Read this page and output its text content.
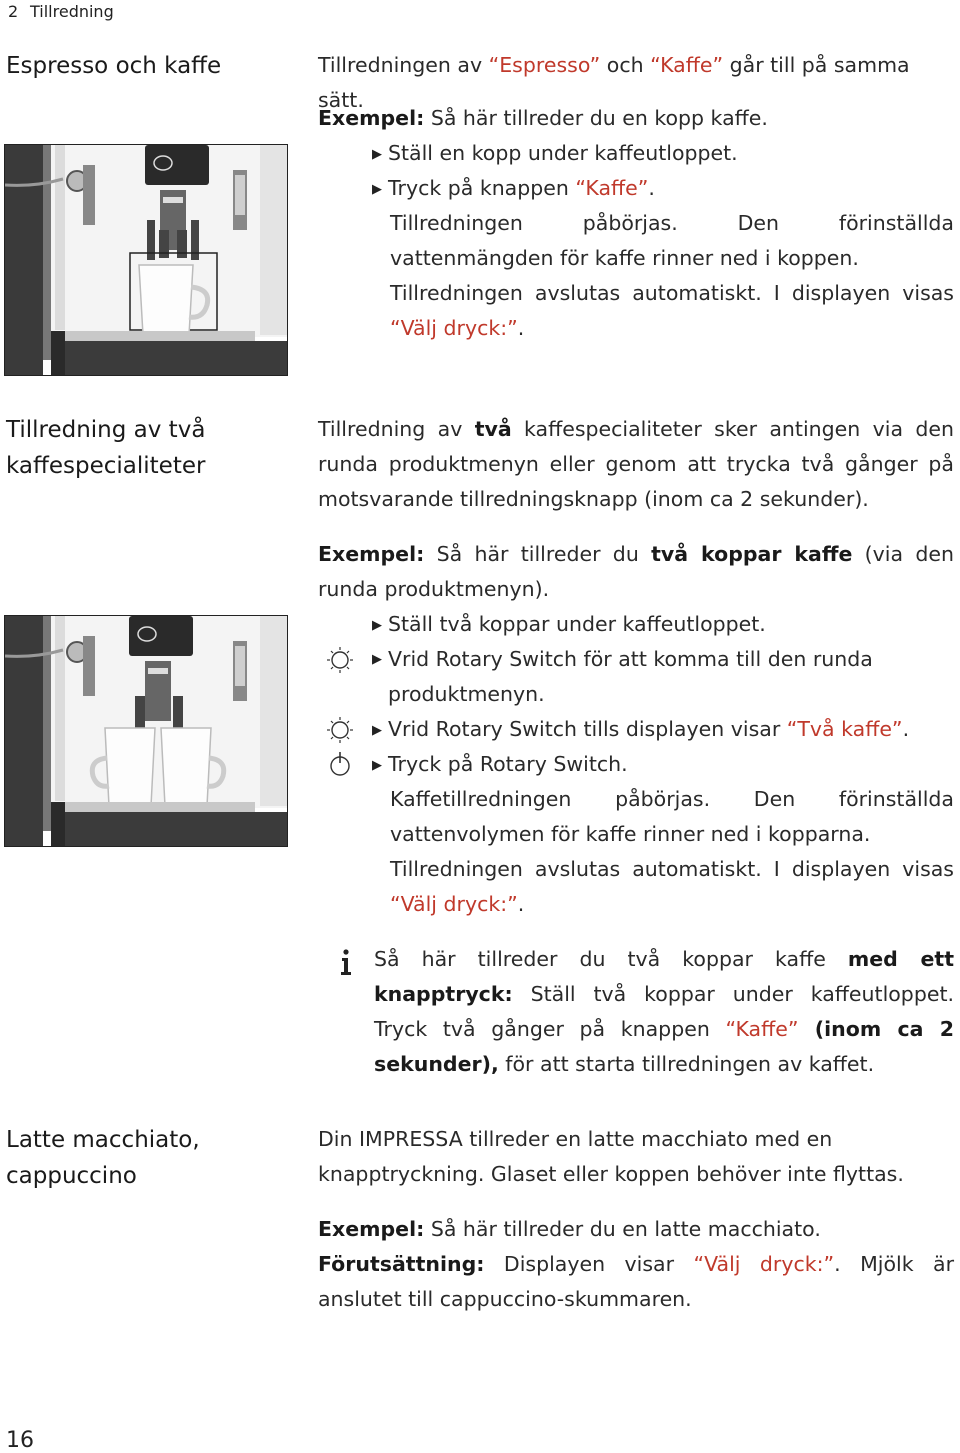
2 Tillredning
Espresso och kaffe	Tillredningen av “Espresso” och “Kaffe” går till på samma sätt.
Exempel: Så här tillreder du en kopp kaffe.
▶ Ställ en kopp under kaffeutloppet.
▶ Tryck på knappen “Kaffe”.
Tillredningen påbörjas. Den förinställda vattenmängden för kaffe rinner ned i koppen.
Tillredningen avslutas automatiskt. I displayen visas “Välj dryck:”.
Tillredning av två
kaffespecialiteter
Tillredning av två kaffespecialiteter sker antingen via den runda produktmenyn eller genom att trycka två gånger på motsvarande tillredningsknapp (inom ca 2 sekunder).
Exempel: Så här tillreder du två koppar kaffe (via den runda produktmenyn).
▶ Ställ två koppar under kaffeutloppet.
▶ Vrid Rotary Switch för att komma till den runda produktmenyn.
▶ Vrid Rotary Switch tills displayen visar “Två kaffe”.
▶ Tryck på Rotary Switch.
Kaffetillredningen påbörjas. Den förinställda vattenvolymen för kaffe rinner ned i kopparna.
Tillredningen avslutas automatiskt. I displayen visas “Välj dryck:”.
Så här tillreder du två koppar kaffe med ett knapptryck: Ställ två koppar under kaffeutloppet. Tryck två gånger på knappen “Kaffe” (inom ca 2 sekunder), för att starta tillredningen av kaffet.
Latte macchiato,
cappuccino
Din IMPRESSA tillreder en latte macchiato med en knapptryckning. Glaset eller koppen behöver inte flyttas.
Exempel: Så här tillreder du en latte macchiato.
Förutsättning: Displayen visar “Välj dryck:”. Mjölk är anslutet till cappuccino-skummaren.
16
